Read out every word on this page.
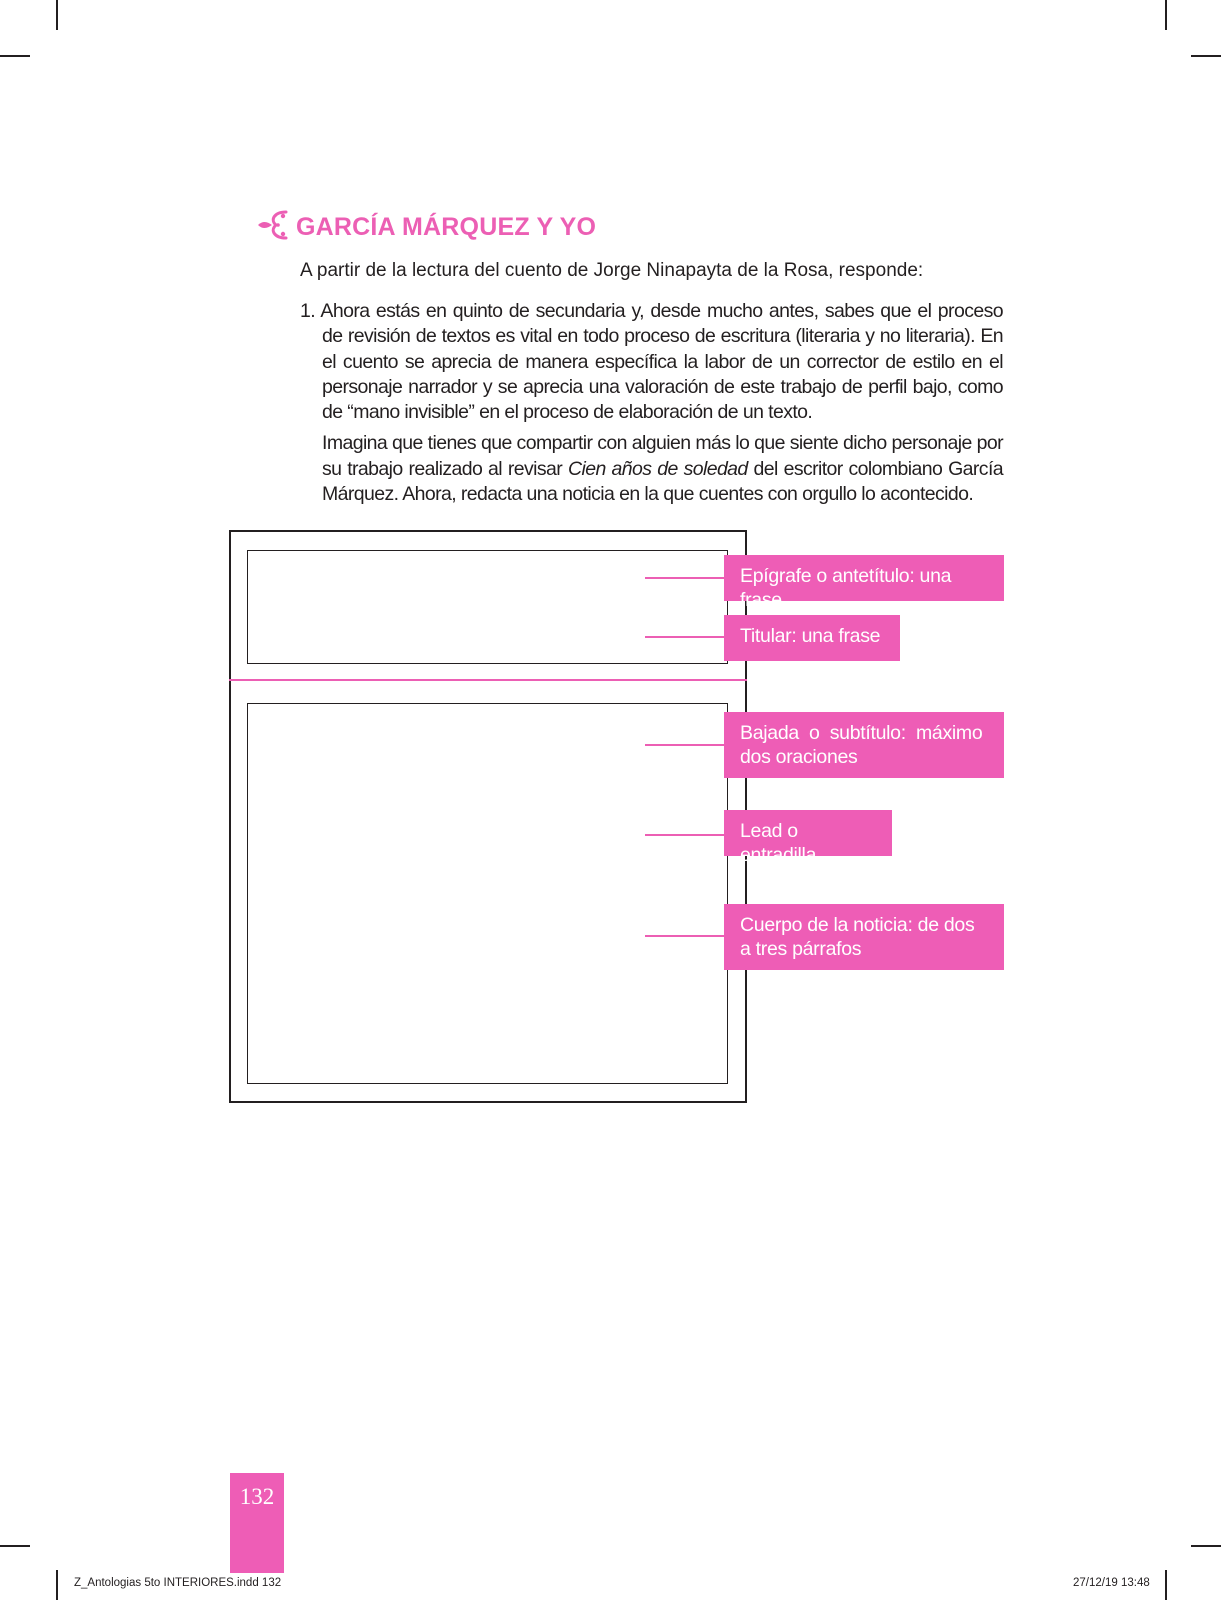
GARCÍA MÁRQUEZ Y YO
A partir de la lectura del cuento de Jorge Ninapayta de la Rosa, responde:

1. Ahora estás en quinto de secundaria y, desde mucho antes, sabes que el proceso de revisión de textos es vital en todo proceso de escritura (literaria y no literaria). En el cuento se aprecia de manera específica la labor de un corrector de estilo en el personaje narrador y se aprecia una valoración de este trabajo de perfil bajo, como de “mano invisible” en el proceso de elaboración de un texto.

Imagina que tienes que compartir con alguien más lo que siente dicho personaje por su trabajo realizado al revisar Cien años de soledad del escritor colombiano García Márquez. Ahora, redacta una noticia en la que cuentes con orgullo lo acontecido.

Epígrafe o antetítulo: una frase
Titular: una frase
Bajada o subtítulo: máximo
dos oraciones
Lead o entradilla
Cuerpo de la noticia: de dos
a tres párrafos
132
Z_Antologias 5to INTERIORES.indd 132	27/12/19 13:48
